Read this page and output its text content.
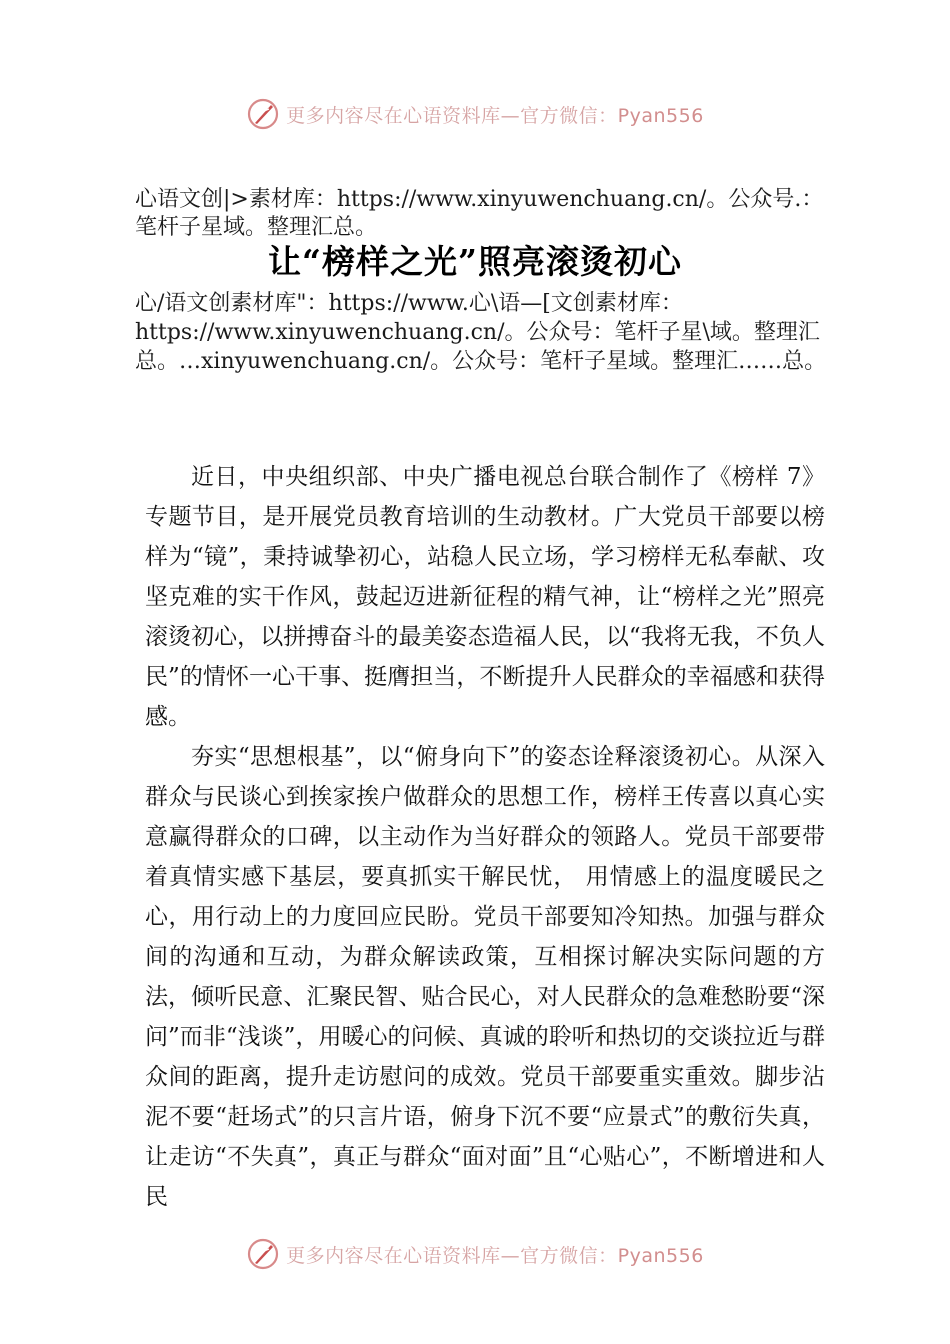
更多内容尽在心语资料库—官方微信：Pyan556
心语文创|>素材库：https://www.xinyuwenchuang.cn/。公众号.：笔杆子星域。整理汇总。
让“榜样之光”照亮滚烫初心
心/语文创素材库"：https://www.心\语—[文创素材库：https://www.xinyuwenchuang.cn/。公众号：笔杆子星\域。整理汇总。…xinyuwenchuang.cn/。公众号：笔杆子星域。整理汇……总。

近日，中央组织部、中央广播电视总台联合制作了《榜样 7》专题节目，是开展党员教育培训的生动教材。广大党员干部要以榜样为“镜”，秉持诚挚初心，站稳人民立场，学习榜样无私奉献、攻坚克难的实干作风，鼓起迈进新征程的精气神，让“榜样之光”照亮滚烫初心，以拼搏奋斗的最美姿态造福人民，以“我将无我，不负人民”的情怀一心干事、挺膺担当，不断提升人民群众的幸福感和获得感。

夯实“思想根基”，以“俯身向下”的姿态诠释滚烫初心。从深入群众与民谈心到挨家挨户做群众的思想工作，榜样王传喜以真心实意赢得群众的口碑，以主动作为当好群众的领路人。党员干部要带着真情实感下基层，要真抓实干解民忧， 用情感上的温度暖民之心，用行动上的力度回应民盼。党员干部要知冷知热。加强与群众间的沟通和互动，为群众解读政策，互相探讨解决实际问题的方法，倾听民意、汇聚民智、贴合民心，对人民群众的急难愁盼要“深问”而非“浅谈”，用暖心的问候、真诚的聆听和热切的交谈拉近与群众间的距离，提升走访慰问的成效。党员干部要重实重效。脚步沾泥不要“赶场式”的只言片语，俯身下沉不要“应景式”的敷衍失真，让走访“不失真”，真正与群众“面对面”且“心贴心”，不断增进和人民

更多内容尽在心语资料库—官方微信：Pyan556
